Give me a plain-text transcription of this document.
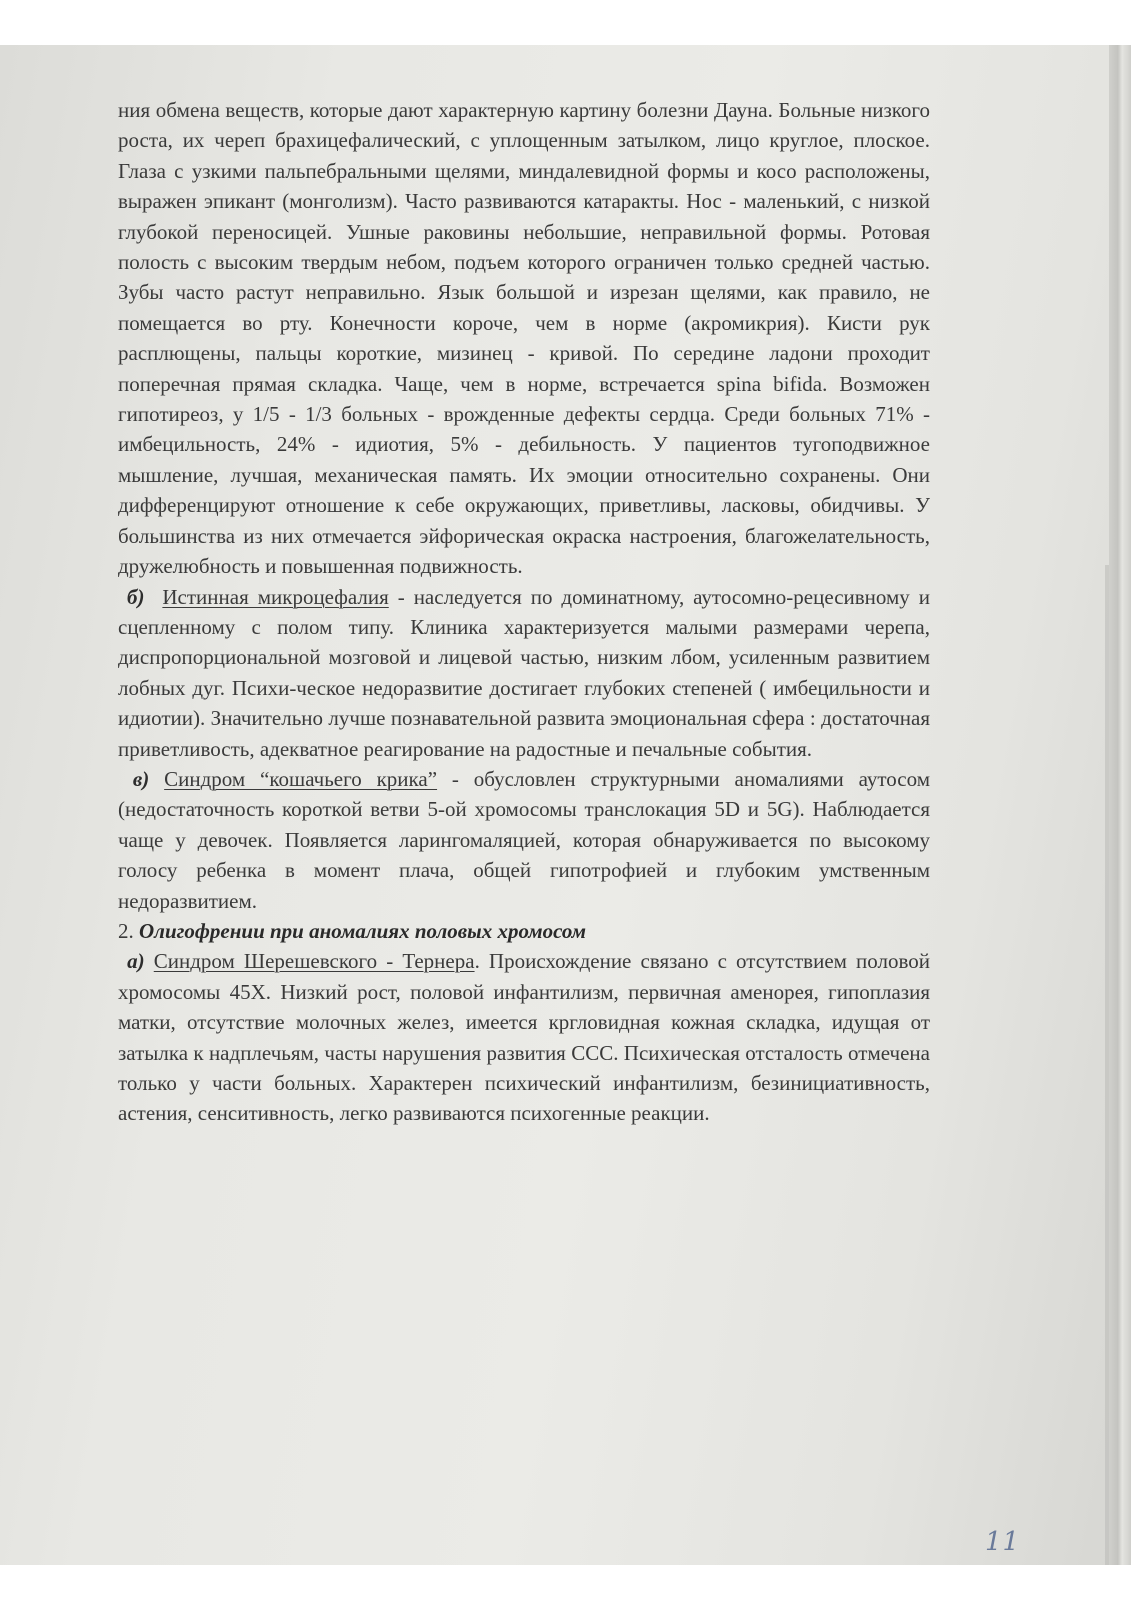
ния обмена веществ, которые дают характерную картину болезни Дауна. Больные низкого роста, их череп брахицефалический, с уплощенным затылком, лицо круглое, плоское. Глаза с узкими пальпебральными щелями, миндалевидной формы и косо расположены, выражен эпикант (монголизм). Часто развиваются катаракты. Нос - маленький, с низкой глубокой переносицей. Ушные раковины небольшие, неправильной формы. Ротовая полость с высоким твердым небом, подъем которого ограничен только средней частью. Зубы часто растут неправильно. Язык большой и изрезан щелями, как правило, не помещается во рту. Конечности короче, чем в норме (акромикрия). Кисти рук расплющены, пальцы короткие, мизинец - кривой. По середине ладони проходит поперечная прямая складка. Чаще, чем в норме, встречается spina bifida. Возможен гипотиреоз, у 1/5 - 1/3 больных - врожденные дефекты сердца. Среди больных 71% - имбецильность, 24% - идиотия, 5% - дебильность. У пациентов тугоподвижное мышление, лучшая, механическая память. Их эмоции относительно сохранены. Они дифференцируют отношение к себе окружающих, приветливы, ласковы, обидчивы. У большинства из них отмечается эйфорическая окраска настроения, благожелательность, дружелюбность и повышенная подвижность.

б) Истинная микроцефалия - наследуется по доминатному, аутосомно-рецесивному и сцепленному с полом типу. Клиника характеризуется малыми размерами черепа, диспропорциональной мозговой и лицевой частью, низким лбом, усиленным развитием лобных дуг. Психи-ческое недоразвитие достигает глубоких степеней ( имбецильности и идиотии). Значительно лучше познавательной развита эмоциональная сфера : достаточная приветливость, адекватное реагирование на радостные и печальные события.

в) Синдром “кошачьего крика” - обусловлен структурными аномалиями аутосом (недостаточность короткой ветви 5-ой хромосомы транслокация 5D и 5G). Наблюдается чаще у девочек. Появляется ларингомаляцией, которая обнаруживается по высокому голосу ребенка в момент плача, общей гипотрофией и глубоким умственным недоразвитием.

2. Олигофрении при аномалиях половых хромосом

а) Синдром Шерешевского - Тернера. Происхождение связано с отсутствием половой хромосомы 45Х. Низкий рост, половой инфантилизм, первичная аменорея, гипоплазия матки, отсутствие молочных желез, имеется кргловидная кожная складка, идущая от затылка к надплечьям, часты нарушения развития ССС. Психическая отсталость отмечена только у части больных. Характерен психический инфантилизм, безинициативность, астения, сенситивность, легко развиваются психогенные реакции.

11
